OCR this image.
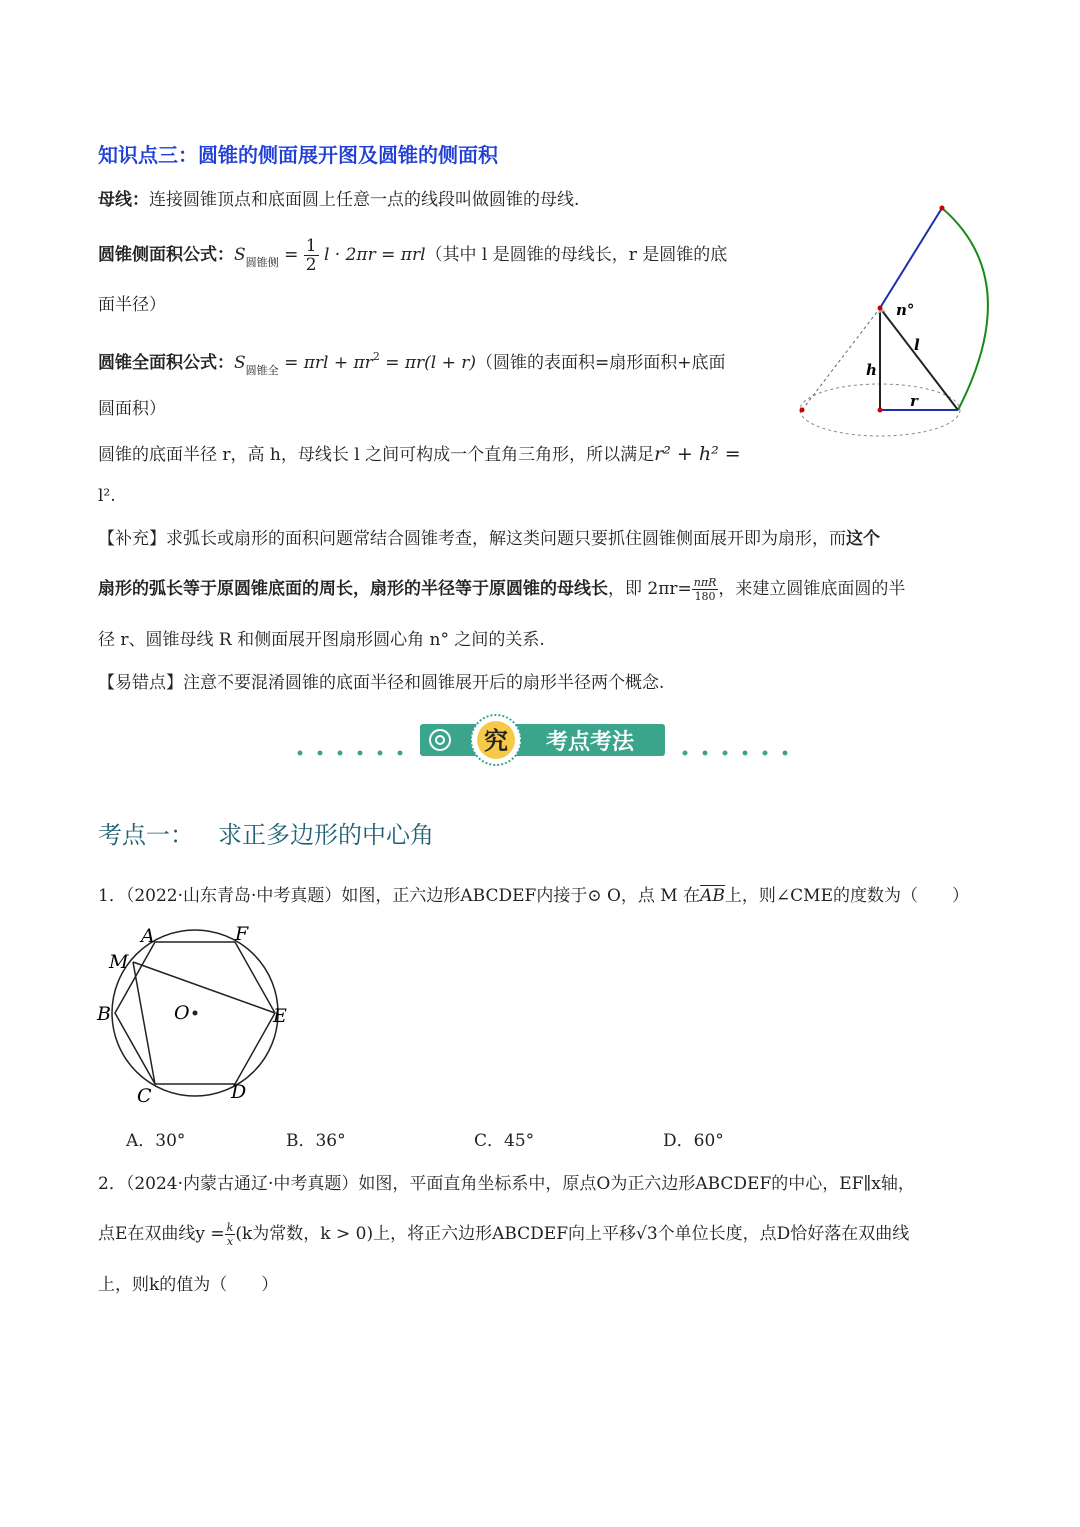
知识点三：圆锥的侧面展开图及圆锥的侧面积
母线：连接圆锥顶点和底面圆上任意一点的线段叫做圆锥的母线.
圆锥侧面积公式：$S_{圆锥侧} = \frac{1}{2}$ l · 2πr = πrl（其中 l 是圆锥的母线长，r 是圆锥的底
面半径）
圆锥全面积公式：$S_{圆锥全} = \pi rl + \pi r^2 = \pi r(l + r)$（圆锥的表面积=扇形面积+底面
圆面积）
圆锥的底面半径 r，高 h，母线长 l 之间可构成一个直角三角形，所以满足r² + h² =
l².
【补充】求弧长或扇形的面积问题常结合圆锥考查，解这类问题只要抓住圆锥侧面展开即为扇形，而这个
扇形的弧长等于原圆锥底面的周长，扇形的半径等于原圆锥的母线长，即 $2\pi r= \frac{\text{nπR}}{180}$ ，来建立圆锥底面圆的半
径 r、圆锥母线 R 和侧面展开图扇形圆心角 n° 之间的关系.
【易错点】注意不要混淆圆锥的底面半径和圆锥展开后的扇形半径两个概念.
n°
l
h
r
究 考点考法
考点一： 求正多边形的中心角
1．（2022·山东青岛·中考真题）如图，正六边形ABCDEF内接于⊙ O，点 M 在$\overline{AB}$上，则∠CME的度数为（　　）
A	F
M
B	O	E
C	D
A．30°	B．36°	C．45°	D．60°
2．（2024·内蒙古通辽·中考真题）如图，平面直角坐标系中，原点O为正六边形ABCDEF的中心，EF∥x轴，
点E在双曲线$y = \frac{k}{x} (k$为常数，k > 0)上，将正六边形ABCDEF向上平移√3个单位长度，点D恰好落在双曲线
上，则k的值为（　　）
